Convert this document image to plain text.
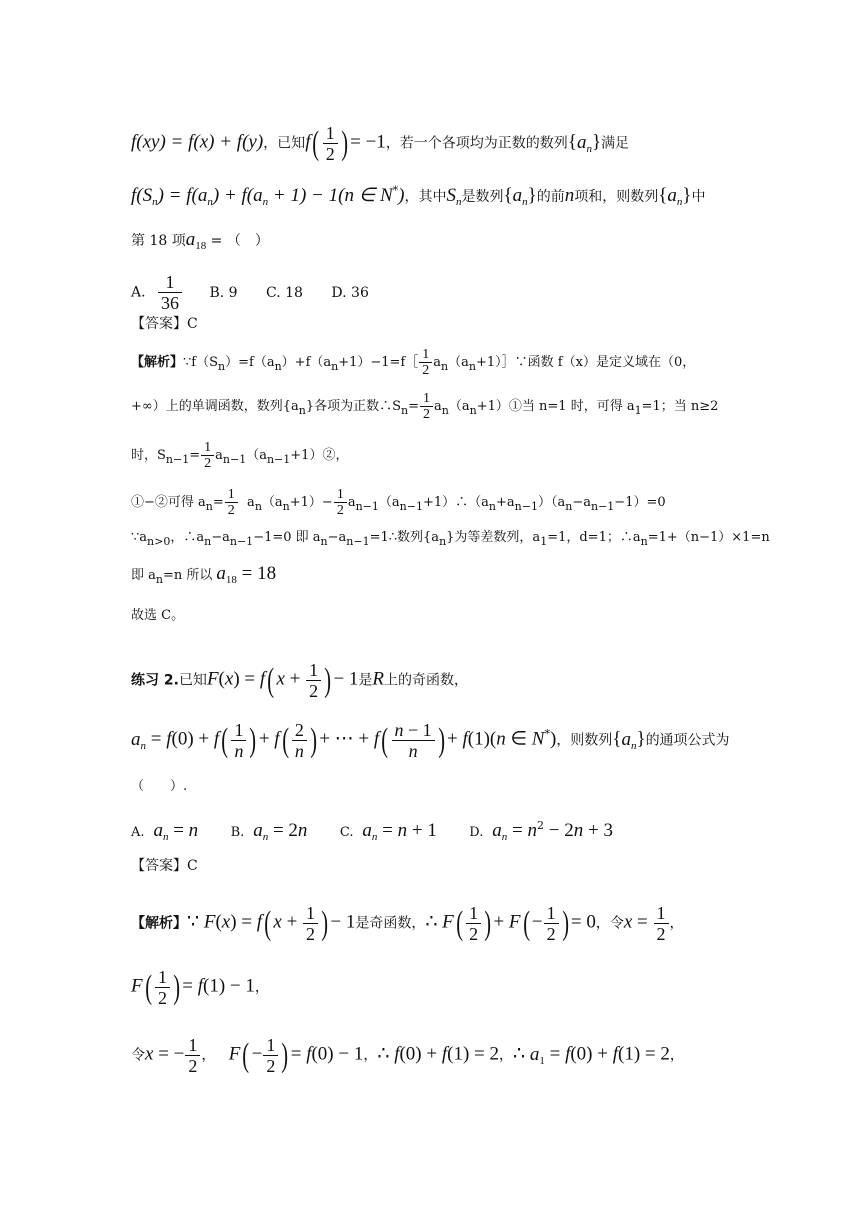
f(xy) = f(x) + f(y)，已知$f( \frac{1}{2}$ ) = −1，若一个各项均为正数的数列$\{a_n\}$满足
$f(S_n) = f(a_n) + f(a_n + 1) - 1(n$ ∈ N*)，其中$S_n$是数列$\{a_n\}$的前n项和，则数列$\{a_n\}$中
第 18 项$a_{18}$ = （　）
A. $\frac{1}{36} B$. 9 C. 18 D. 36
【答案】C
【解析】$\because f(S_n)=f(a_n)+f(a_n+1)-1=f[ \frac{1}{2}$ $a_n(a_n+1)]\because$函数 f（x）是定义域在（0，
+∞）上的单调函数，数列$\{a_n\}$各项为正数$\therefore S_n= \frac{1}{2}$ $a_n(a_n+1)①$当 n=1 时，可得 $a_1=1$；当 n≥2
时，$S_{n-1}= \frac{1}{2}$ $a_{n-1}(a_{n-1}+1)②$，
①−②可得 $a_n= \frac{1}{2} a_n(a_n+1)- \frac{1}{2}$ $a_{n-1}(a_{n-1}+1)\therefore(a_n+a_{n-1})(a_n-a_{n-1}-1)=0$
$\because a_{n>0}$，$\therefore a_n-a_{n-1}-1=0$ 即 $a_n-a_{n-1}=1\therefore$数列$\{a_n\}$为等差数列，$a_1=1$，d=1；$\therefore a_n=1+(n-1)\times 1=n$
即 $a_n=n$ 所以 $a_{18} = 18$
故选 C。
练习 2.已知F(x) = f( $x + \frac{1}{2}$ ) − 1是R上的奇函数，
$a_n = f(0) + f( \frac{1}{n}$ ) + $f( \frac{2}{n}$ ) + ⋯ + $f( \frac{n - 1}{n}$ ) + f(1)(n ∈ N*)，则数列$\{a_n\}$的通项公式为
（　　）.
A. $a_n = n$ B. $a_n = 2n$ C. $a_n = n + 1$ D. $a_n = n^2 - 2n + 3$
【答案】C
【解析】∵ F(x) = f( $x + \frac{1}{2}$ ) − 1是奇函数，∴ $F( \frac{1}{2}$ ) + $F( - \frac{1}{2}$ ) = 0，令$x = \frac{1}{2}$ ，
$F( \frac{1}{2}$ ) = f(1) − 1，
令x = − $\frac{1}{2}$ ， $F( - \frac{1}{2}$ ) = f(0) − 1，∴ f(0) + f(1) = 2，∴ $a_1 = f(0) + f(1) = 2$，
